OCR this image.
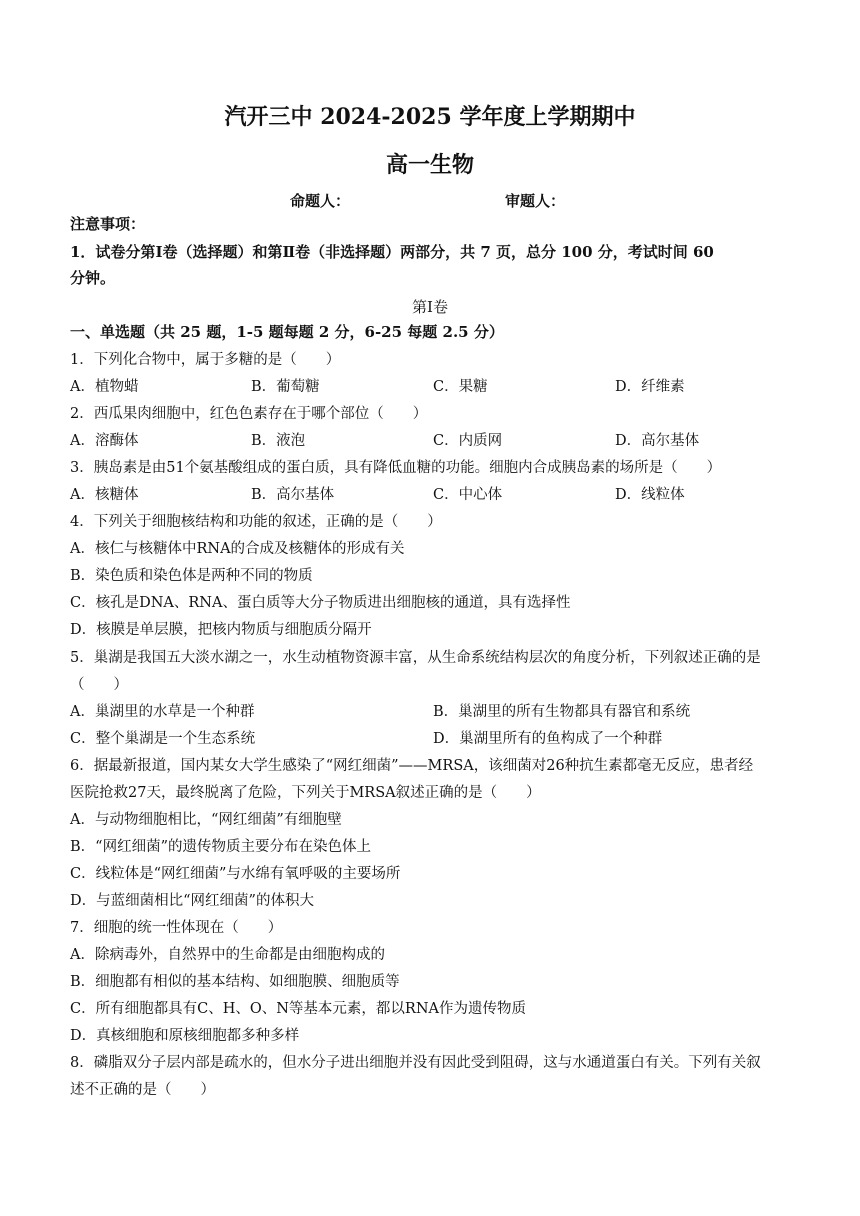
汽开三中 2024-2025 学年度上学期期中
高一生物
命题人：	审题人：
注意事项：
1．试卷分第Ⅰ卷（选择题）和第Ⅱ卷（非选择题）两部分，共 7 页，总分 100 分，考试时间 60
分钟。
第Ⅰ卷
一、单选题（共 25 题，1-5 题每题 2 分，6-25 每题 2.5 分）
1．下列化合物中，属于多糖的是（　　）
A．植物蜡	B．葡萄糖	C．果糖	D．纤维素
2．西瓜果肉细胞中，红色色素存在于哪个部位（　　）
A．溶酶体	B．液泡	C．内质网	D．高尔基体
3．胰岛素是由51个氨基酸组成的蛋白质，具有降低血糖的功能。细胞内合成胰岛素的场所是（　　）
A．核糖体	B．高尔基体	C．中心体	D．线粒体
4．下列关于细胞核结构和功能的叙述，正确的是（　　）
A．核仁与核糖体中RNA的合成及核糖体的形成有关
B．染色质和染色体是两种不同的物质
C．核孔是DNA、RNA、蛋白质等大分子物质进出细胞核的通道，具有选择性
D．核膜是单层膜，把核内物质与细胞质分隔开
5．巢湖是我国五大淡水湖之一，水生动植物资源丰富，从生命系统结构层次的角度分析，下列叙述正确的是
（　　）
A．巢湖里的水草是一个种群	B．巢湖里的所有生物都具有器官和系统
C．整个巢湖是一个生态系统	D．巢湖里所有的鱼构成了一个种群
6．据最新报道，国内某女大学生感染了“网红细菌”——MRSA，该细菌对26种抗生素都毫无反应，患者经
医院抢救27天，最终脱离了危险，下列关于MRSA叙述正确的是（　　）
A．与动物细胞相比，“网红细菌”有细胞壁
B．“网红细菌”的遗传物质主要分布在染色体上
C．线粒体是“网红细菌”与水绵有氧呼吸的主要场所
D．与蓝细菌相比“网红细菌”的体积大
7．细胞的统一性体现在（　　）
A．除病毒外，自然界中的生命都是由细胞构成的
B．细胞都有相似的基本结构、如细胞膜、细胞质等
C．所有细胞都具有C、H、O、N等基本元素，都以RNA作为遗传物质
D．真核细胞和原核细胞都多种多样
8．磷脂双分子层内部是疏水的，但水分子进出细胞并没有因此受到阻碍，这与水通道蛋白有关。下列有关叙
述不正确的是（　　）
